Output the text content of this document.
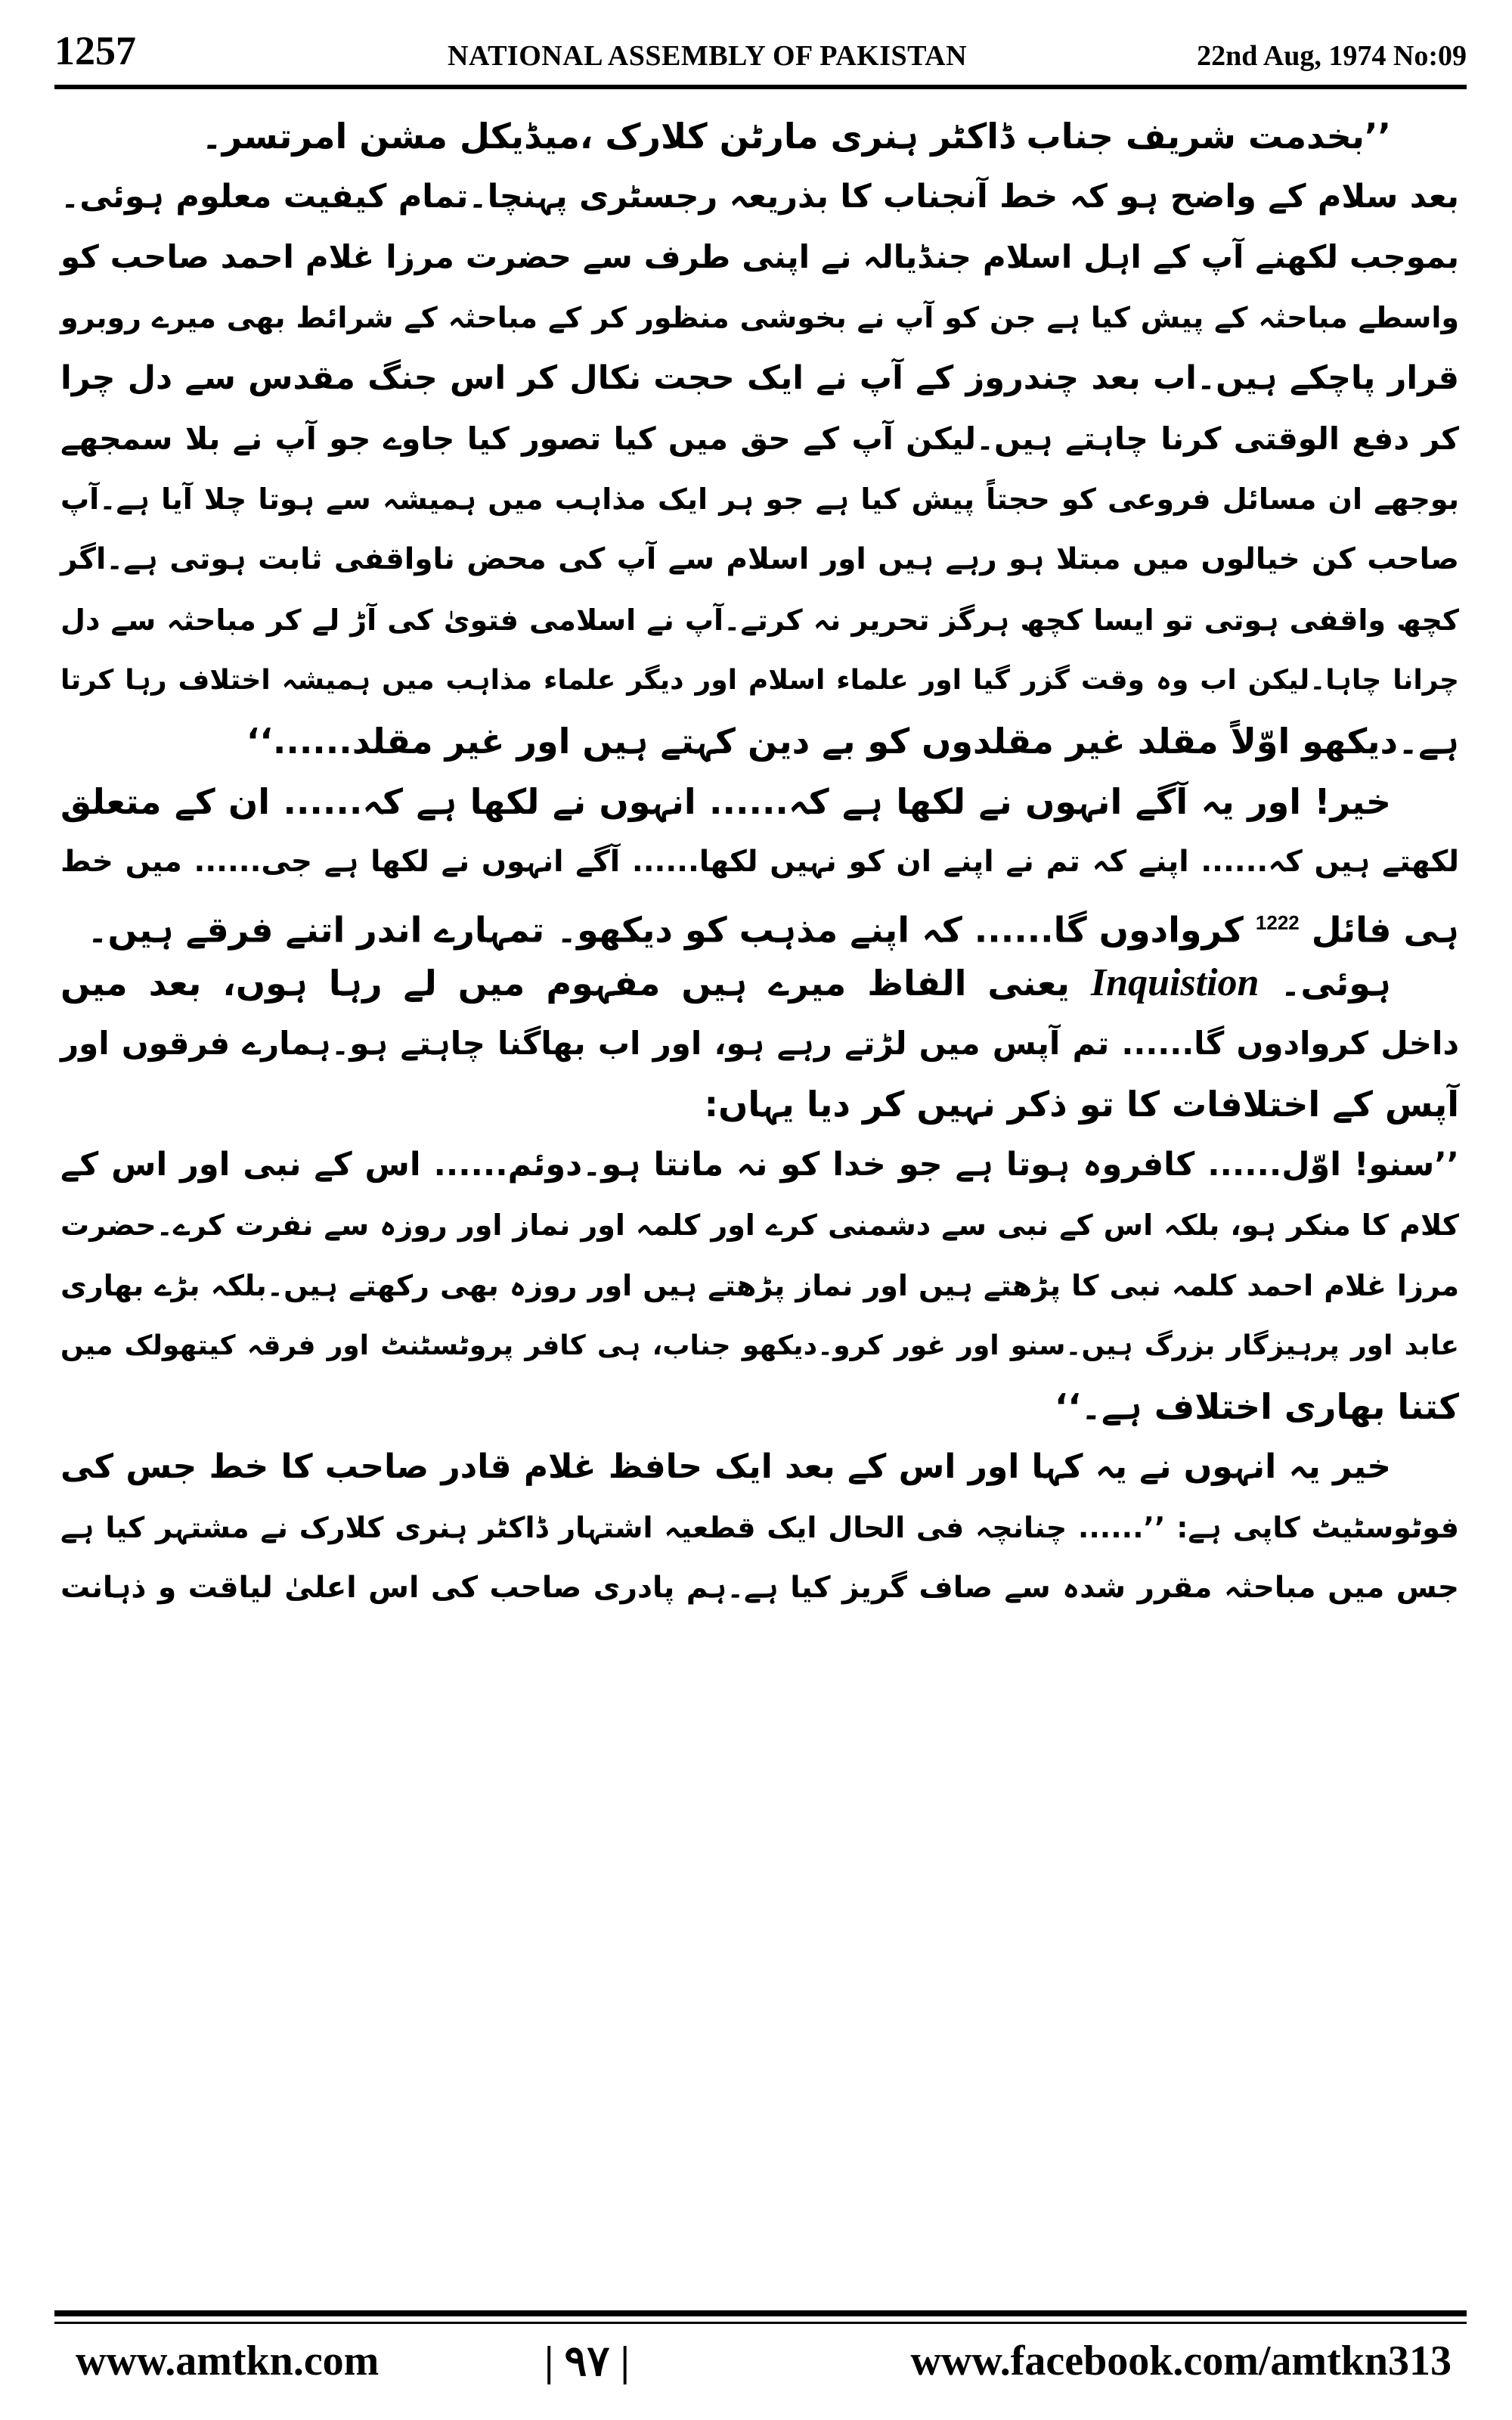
1257	NATIONAL ASSEMBLY OF PAKISTAN	22nd Aug, 1974 No:09
’’بخدمت شریف جناب ڈاکٹر ہنری مارٹن کلارک ،میڈیکل مشن امرتسر۔
بعد سلام کے واضح ہو کہ خط آنجناب کا بذریعہ رجسٹری پہنچا۔تمام کیفیت معلوم ہوئی۔
بموجب لکھنے آپ کے اہل اسلام جنڈیالہ نے اپنی طرف سے حضرت مرزا غلام احمد صاحب کو
واسطے مباحثہ کے پیش کیا ہے جن کو آپ نے بخوشی منظور کر کے مباحثہ کے شرائط بھی میرے روبرو
قرار پاچکے ہیں۔اب بعد چندروز کے آپ نے ایک حجت نکال کر اس جنگ مقدس سے دل چرا
کر دفع الوقتی کرنا چاہتے ہیں۔لیکن آپ کے حق میں کیا تصور کیا جاوے جو آپ نے بلا سمجھے
بوجھے ان مسائل فروعی کو حجتاً پیش کیا ہے جو ہر ایک مذاہب میں ہمیشہ سے ہوتا چلا آیا ہے۔آپ
صاحب کن خیالوں میں مبتلا ہو رہے ہیں اور اسلام سے آپ کی محض ناواقفی ثابت ہوتی ہے۔اگر
کچھ واقفی ہوتی تو ایسا کچھ ہرگز تحریر نہ کرتے۔آپ نے اسلامی فتویٰ کی آڑ لے کر مباحثہ سے دل
چرانا چاہا۔لیکن اب وہ وقت گزر گیا اور علماء اسلام اور دیگر علماء مذاہب میں ہمیشہ اختلاف رہا کرتا
ہے۔دیکھو اوّلاً مقلد غیر مقلدوں کو بے دین کہتے ہیں اور غیر مقلد......‘‘
خیر! اور یہ آگے انہوں نے لکھا ہے کہ...... انہوں نے لکھا ہے کہ...... ان کے متعلق
لکھتے ہیں کہ...... اپنے کہ تم نے اپنے ان کو نہیں لکھا...... آگے انہوں نے لکھا ہے جی...... میں خط
ہی فائل $^{1222}$ کروادوں گا...... کہ اپنے مذہب کو دیکھو۔ تمہارے اندر اتنے فرقے ہیں۔
ہوئی۔ Inquistion یعنی الفاظ میرے ہیں مفہوم میں لے رہا ہوں، بعد میں
داخل کروادوں گا...... تم آپس میں لڑتے رہے ہو، اور اب بھاگنا چاہتے ہو۔ہمارے فرقوں اور
آپس کے اختلافات کا تو ذکر نہیں کر دیا یہاں:
’’سنو! اوّل...... کافروہ ہوتا ہے جو خدا کو نہ مانتا ہو۔دوئم...... اس کے نبی اور اس کے
کلام کا منکر ہو، بلکہ اس کے نبی سے دشمنی کرے اور کلمہ اور نماز اور روزہ سے نفرت کرے۔حضرت
مرزا غلام احمد کلمہ نبی کا پڑھتے ہیں اور نماز پڑھتے ہیں اور روزہ بھی رکھتے ہیں۔بلکہ بڑے بھاری
عابد اور پرہیزگار بزرگ ہیں۔سنو اور غور کرو۔دیکھو جناب، ہی کافر پروٹسٹنٹ اور فرقہ کیتھولک میں
کتنا بھاری اختلاف ہے۔‘‘
خیر یہ انہوں نے یہ کہا اور اس کے بعد ایک حافظ غلام قادر صاحب کا خط جس کی
فوٹوسٹیٹ کاپی ہے: ’’...... چنانچہ فی الحال ایک قطعیہ اشتہار ڈاکٹر ہنری کلارک نے مشتہر کیا ہے
جس میں مباحثہ مقرر شدہ سے صاف گریز کیا ہے۔ہم پادری صاحب کی اس اعلیٰ لیاقت و ذہانت
www.amtkn.com	| ۹۷ |	www.facebook.com/amtkn313
